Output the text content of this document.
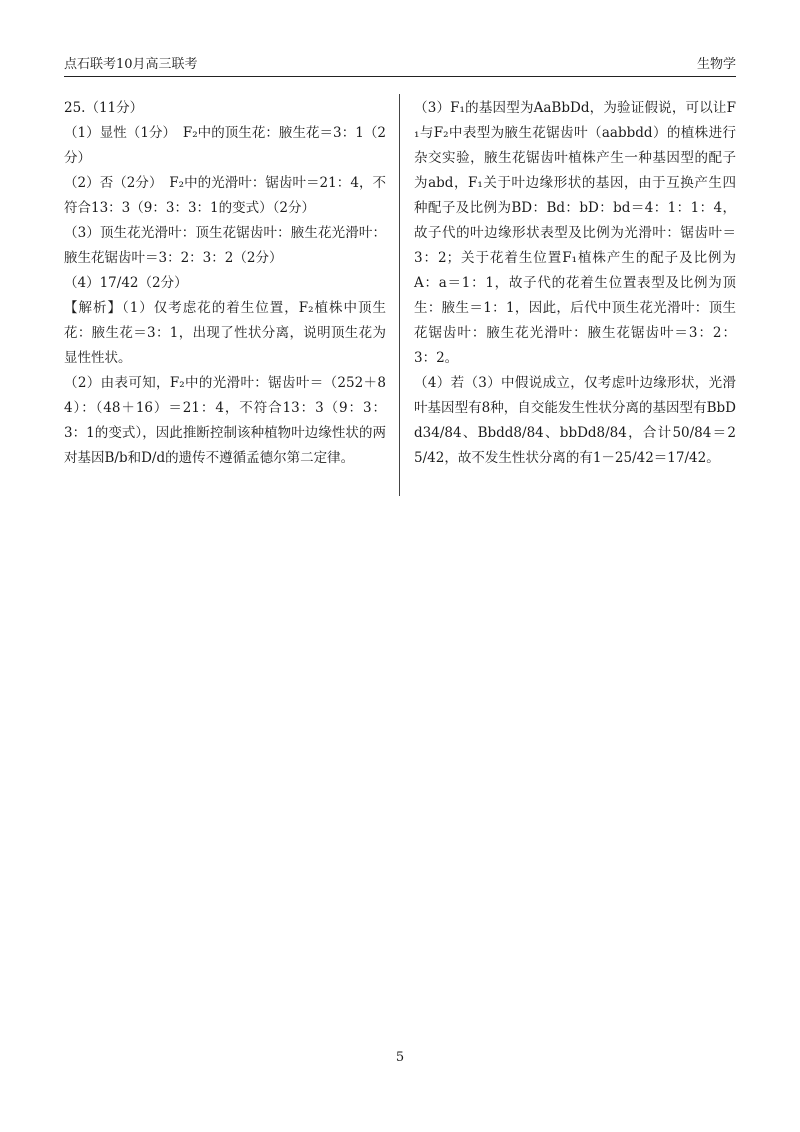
点石联考10月高三联考	生物学

25.（11分）

（1）显性（1分）　F₂中的顶生花：腋生花＝3：1（2分）

（2）否（2分）　F₂中的光滑叶：锯齿叶＝21：4，不符合13：3（9：3：3：1的变式）（2分）

（3）顶生花光滑叶：顶生花锯齿叶：腋生花光滑叶：腋生花锯齿叶＝3：2：3：2（2分）

（4）17/42（2分）

【解析】（1）仅考虑花的着生位置，F₂植株中顶生花：腋生花＝3：1，出现了性状分离，说明顶生花为显性性状。

（2）由表可知，F₂中的光滑叶：锯齿叶＝（252＋84）：（48＋16）＝21：4，不符合13：3（9：3：3：1的变式），因此推断控制该种植物叶边缘性状的两对基因B/b和D/d的遗传不遵循孟德尔第二定律。

（3）F₁的基因型为AaBbDd，为验证假说，可以让F₁与F₂中表型为腋生花锯齿叶（aabbdd）的植株进行杂交实验，腋生花锯齿叶植株产生一种基因型的配子为abd，F₁关于叶边缘形状的基因，由于互换产生四种配子及比例为BD：Bd：bD：bd＝4：1：1：4，故子代的叶边缘形状表型及比例为光滑叶：锯齿叶＝3：2；关于花着生位置F₁植株产生的配子及比例为A：a＝1：1，故子代的花着生位置表型及比例为顶生：腋生＝1：1，因此，后代中顶生花光滑叶：顶生花锯齿叶：腋生花光滑叶：腋生花锯齿叶＝3：2：3：2。

（4）若（3）中假说成立，仅考虑叶边缘形状，光滑叶基因型有8种，自交能发生性状分离的基因型有BbDd34/84、Bbdd8/84、bbDd8/84，合计50/84＝25/42，故不发生性状分离的有1－25/42＝17/42。

5
